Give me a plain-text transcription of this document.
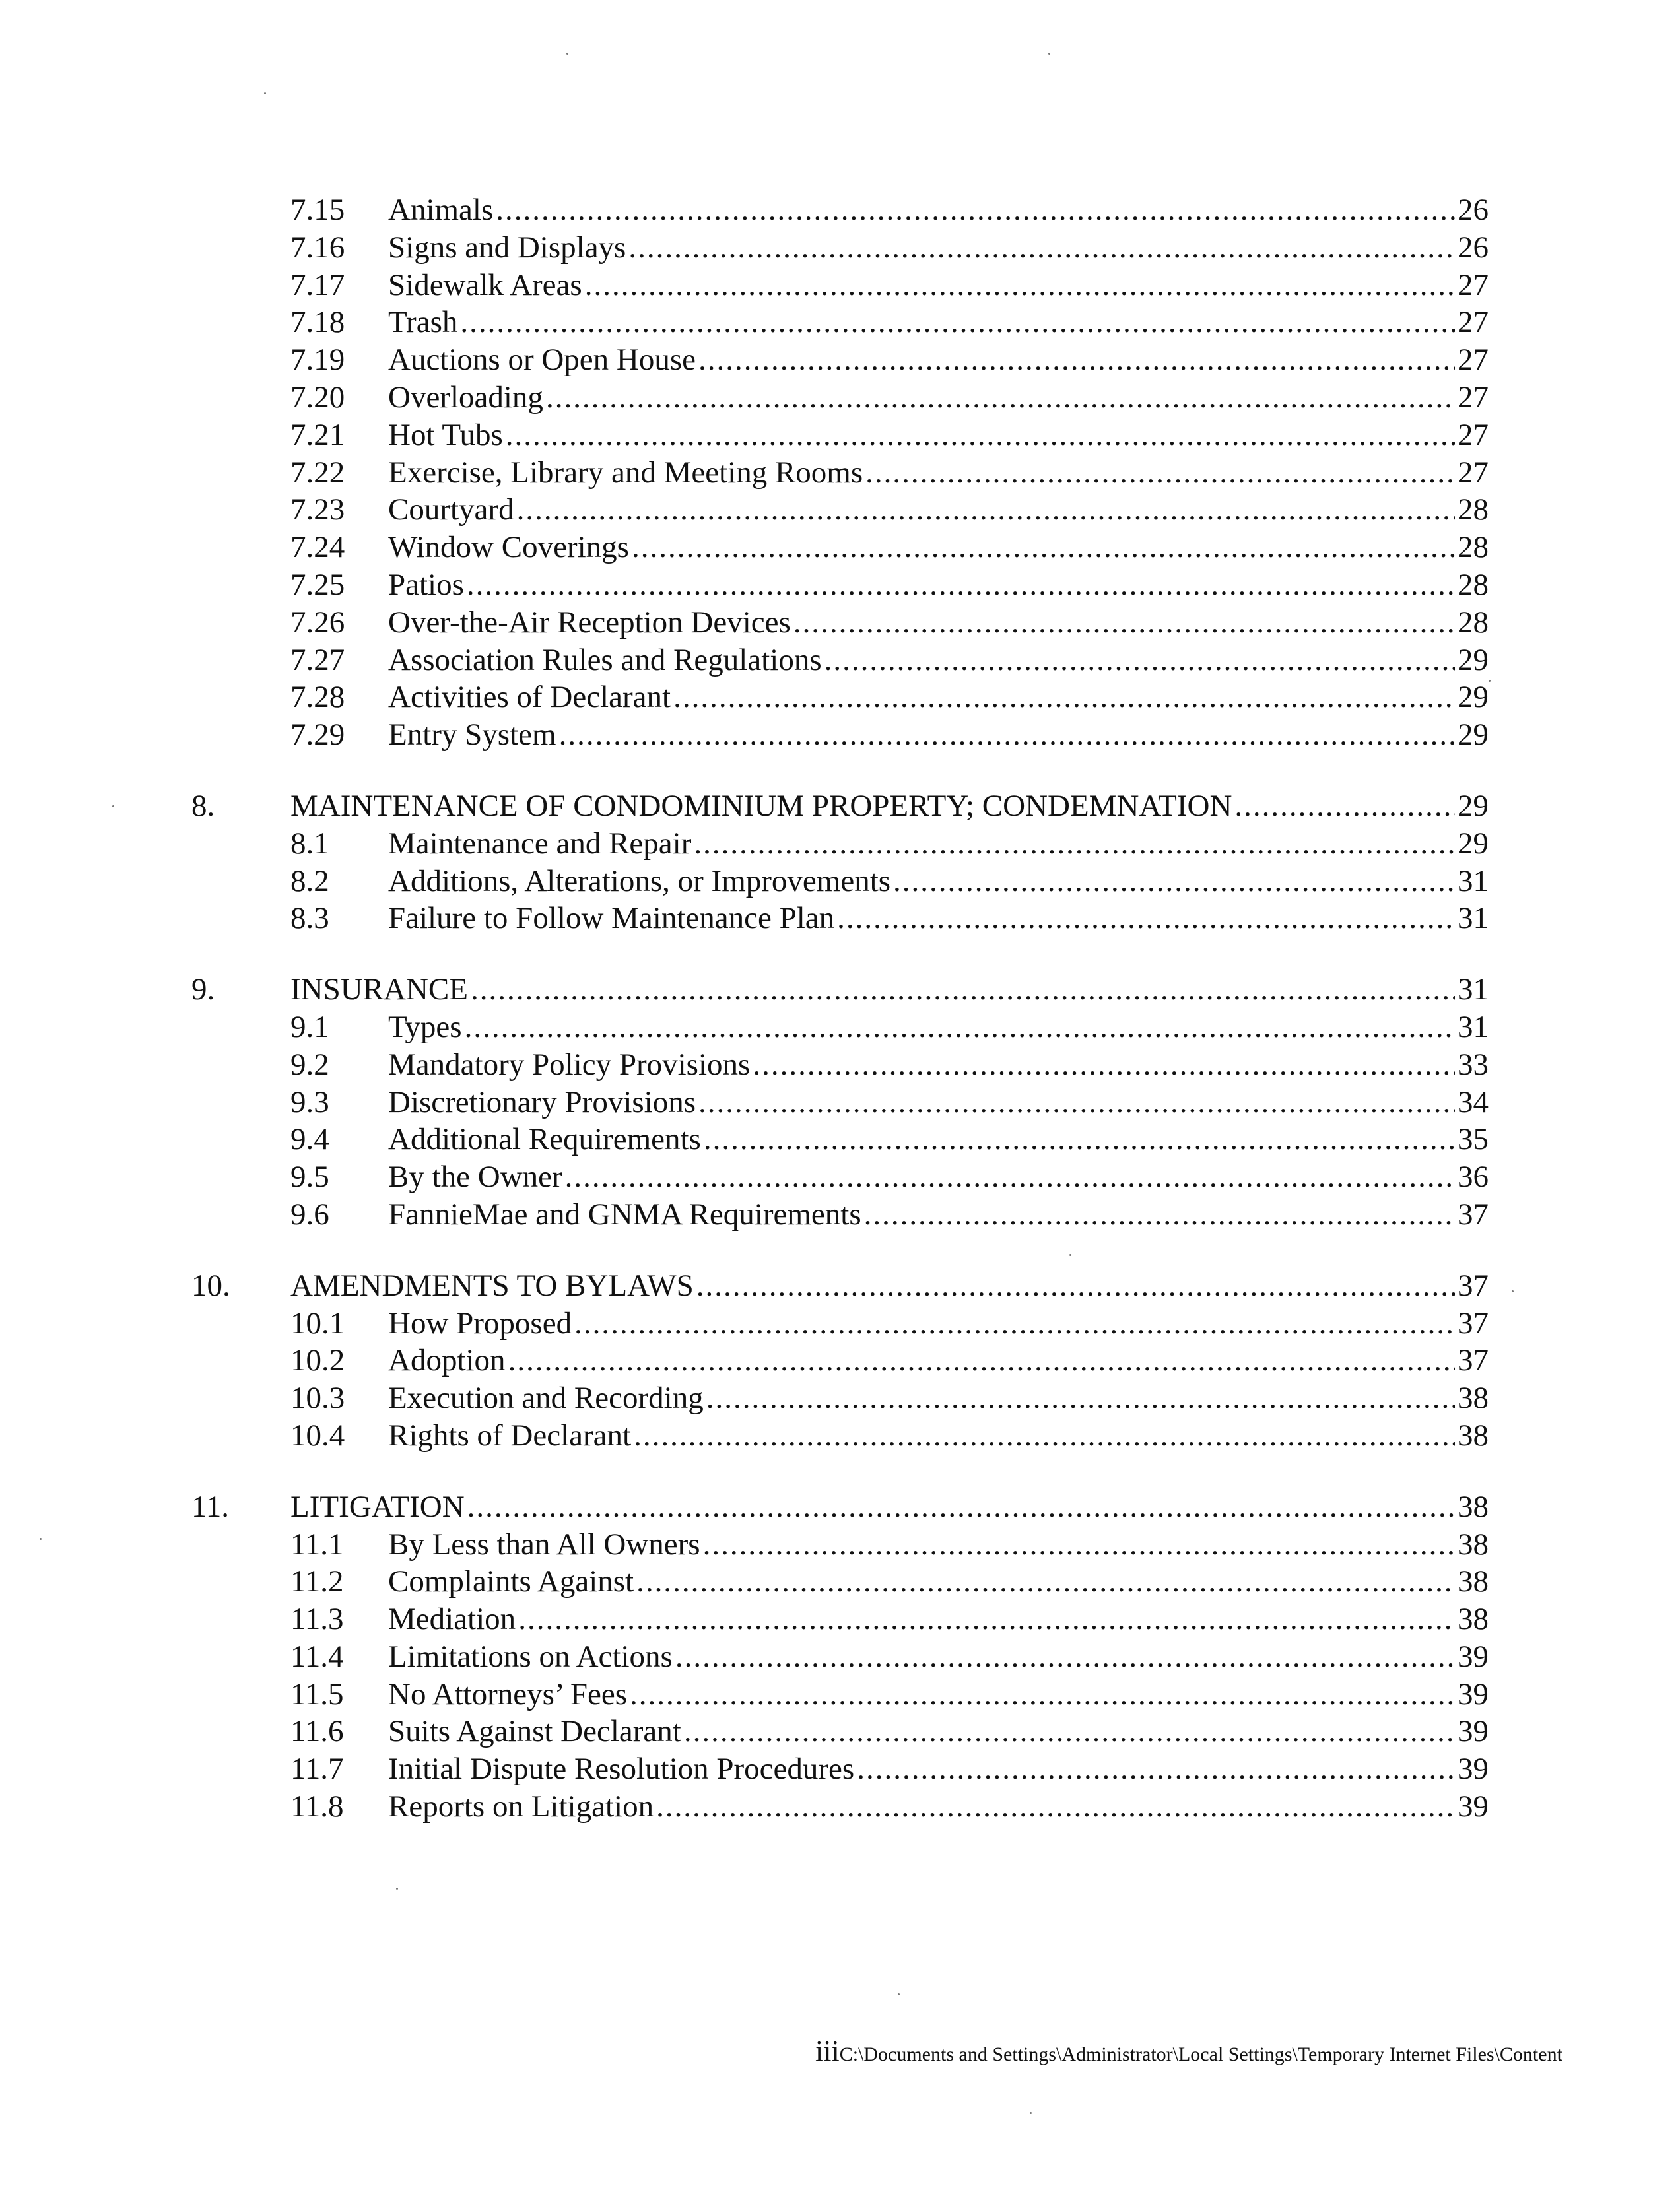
7.15	Animals .....	26
7.16	Signs and Displays .....	26
7.17	Sidewalk Areas .....	27
7.18	Trash .....	27
7.19	Auctions or Open House .....	27
7.20	Overloading .....	27
7.21	Hot Tubs .....	27
7.22	Exercise, Library and Meeting Rooms .....	27
7.23	Courtyard .....	28
7.24	Window Coverings .....	28
7.25	Patios .....	28
7.26	Over-the-Air Reception Devices .....	28
7.27	Association Rules and Regulations .....	29
7.28	Activities of Declarant .....	29
7.29	Entry System .....	29
8.	MAINTENANCE OF CONDOMINIUM PROPERTY; CONDEMNATION .....	29
8.1	Maintenance and Repair .....	29
8.2	Additions, Alterations, or Improvements .....	31
8.3	Failure to Follow Maintenance Plan .....	31
9.	INSURANCE .....	31
9.1	Types .....	31
9.2	Mandatory Policy Provisions .....	33
9.3	Discretionary Provisions .....	34
9.4	Additional Requirements .....	35
9.5	By the Owner .....	36
9.6	FannieMae and GNMA Requirements .....	37
10.	AMENDMENTS TO BYLAWS .....	37
10.1	How Proposed .....	37
10.2	Adoption .....	37
10.3	Execution and Recording .....	38
10.4	Rights of Declarant .....	38
11.	LITIGATION .....	38
11.1	By Less than All Owners .....	38
11.2	Complaints Against .....	38
11.3	Mediation .....	38
11.4	Limitations on Actions .....	39
11.5	No Attorneys’ Fees .....	39
11.6	Suits Against Declarant .....	39
11.7	Initial Dispute Resolution Procedures .....	39
11.8	Reports on Litigation .....	39
iiiC:\Documents and Settings\Administrator\Local Settings\Temporary Internet Files\Content
